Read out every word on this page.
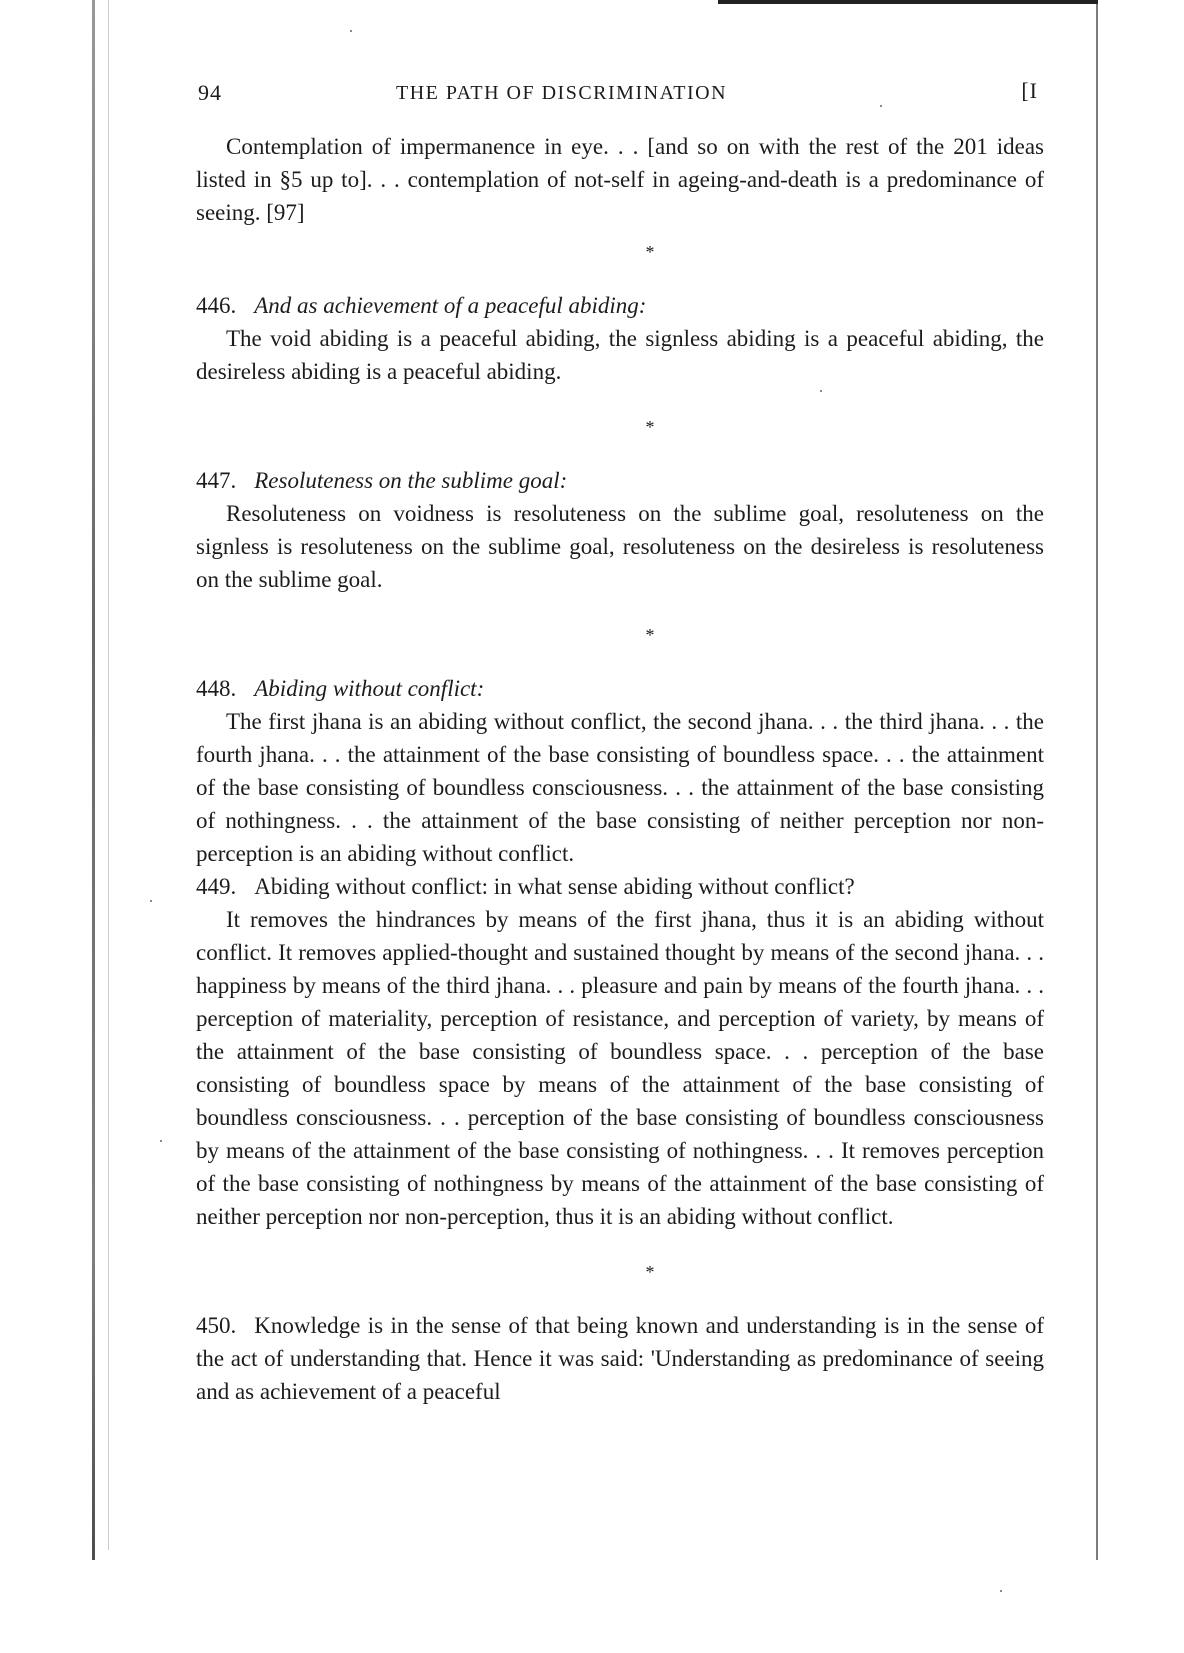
94	THE PATH OF DISCRIMINATION	[I

Contemplation of impermanence in eye. . . [and so on with the rest of the 201 ideas listed in §5 up to]. . . contemplation of not-self in ageing-and-death is a predominance of seeing. [97]

*
446. And as achievement of a peaceful abiding:

The void abiding is a peaceful abiding, the signless abiding is a peaceful abiding, the desireless abiding is a peaceful abiding.

*
447. Resoluteness on the sublime goal:

Resoluteness on voidness is resoluteness on the sublime goal, resoluteness on the signless is resoluteness on the sublime goal, resoluteness on the desireless is resoluteness on the sublime goal.

*
448. Abiding without conflict:

The first jhana is an abiding without conflict, the second jhana. . . the third jhana. . . the fourth jhana. . . the attainment of the base consisting of boundless space. . . the attainment of the base consisting of boundless consciousness. . . the attainment of the base consisting of nothingness. . . the attainment of the base consisting of neither perception nor non-perception is an abiding without conflict.

449. Abiding without conflict: in what sense abiding without conflict?

It removes the hindrances by means of the first jhana, thus it is an abiding without conflict. It removes applied-thought and sustained thought by means of the second jhana. . . happiness by means of the third jhana. . . pleasure and pain by means of the fourth jhana. . . perception of materiality, perception of resistance, and perception of variety, by means of the attainment of the base consisting of boundless space. . . perception of the base consisting of boundless space by means of the attainment of the base consisting of boundless consciousness. . . perception of the base consisting of boundless consciousness by means of the attainment of the base consisting of nothingness. . . It removes perception of the base consisting of nothingness by means of the attainment of the base consisting of neither perception nor non-perception, thus it is an abiding without conflict.

*

450. Knowledge is in the sense of that being known and understanding is in the sense of the act of understanding that. Hence it was said: 'Understanding as predominance of seeing and as achievement of a peaceful
